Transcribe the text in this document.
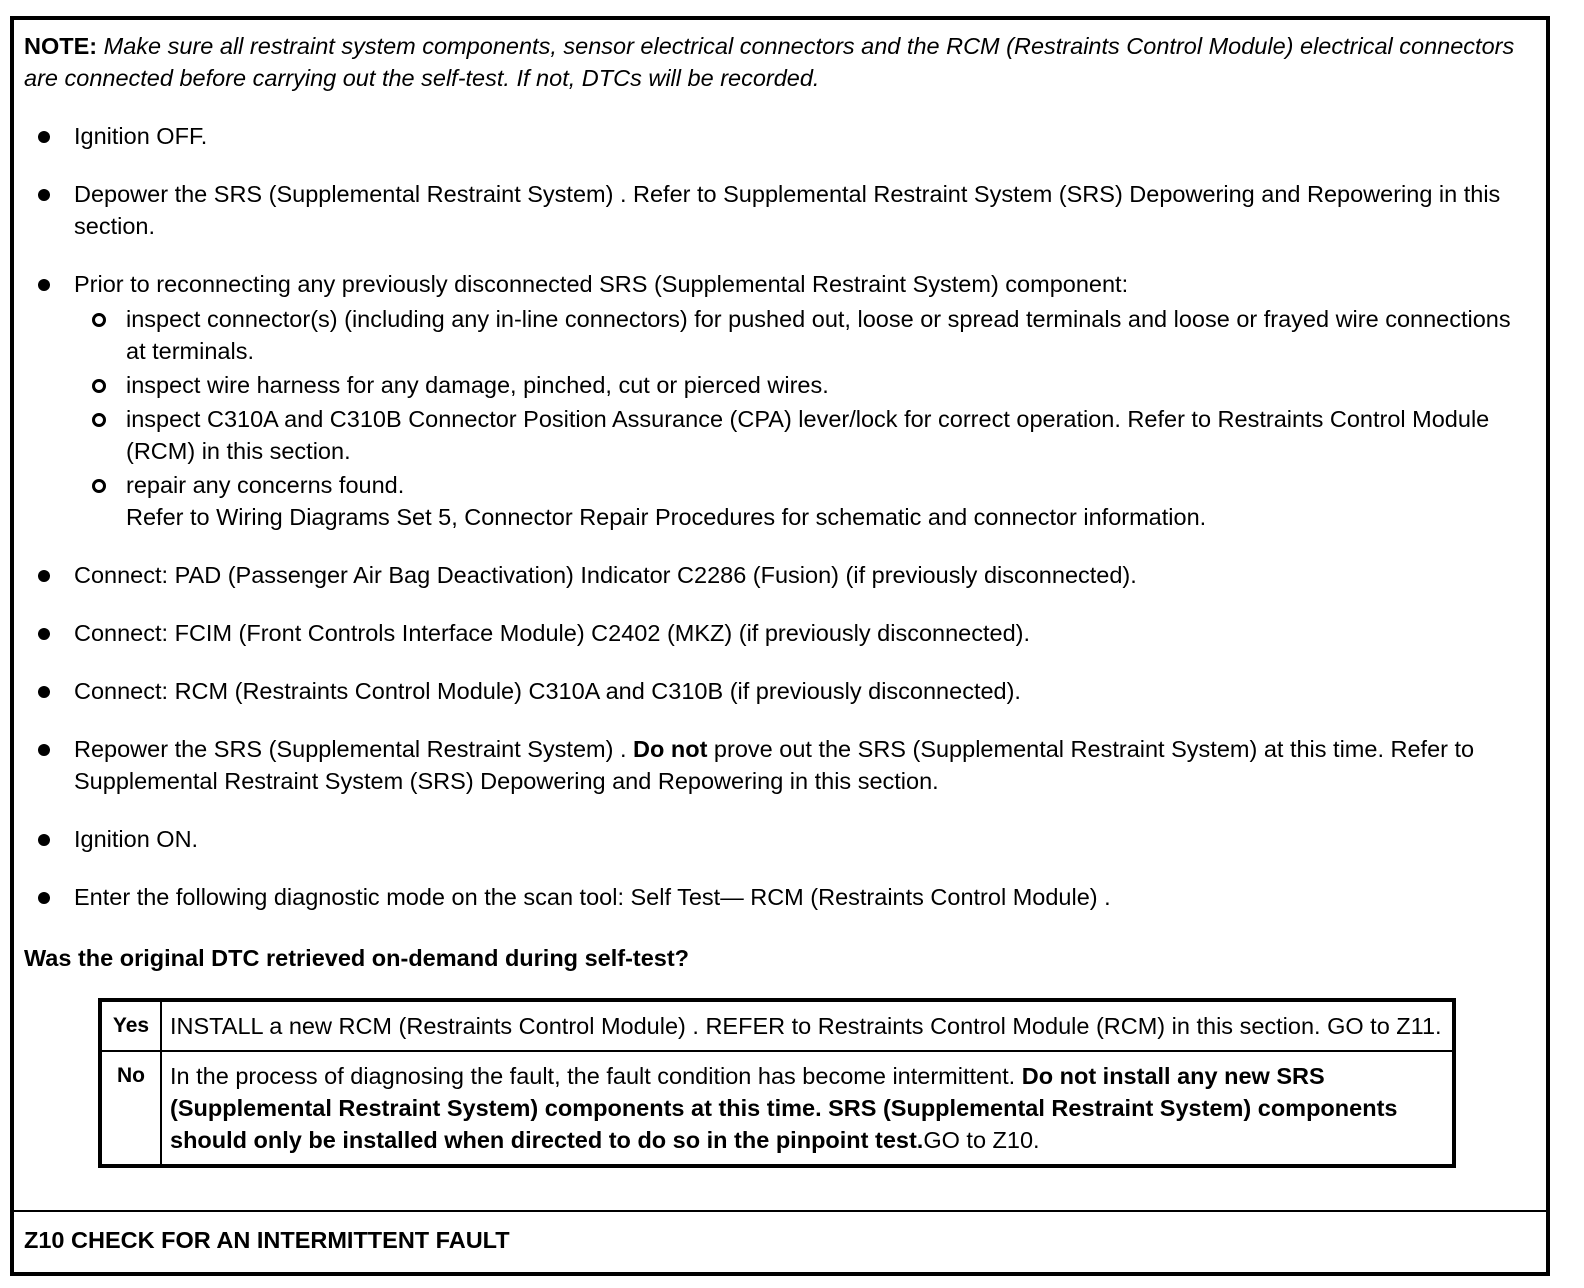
NOTE: Make sure all restraint system components, sensor electrical connectors and the RCM (Restraints Control Module) electrical connectors are connected before carrying out the self-test. If not, DTCs will be recorded.
Ignition OFF.
Depower the SRS (Supplemental Restraint System) . Refer to Supplemental Restraint System (SRS) Depowering and Repowering in this section.
Prior to reconnecting any previously disconnected SRS (Supplemental Restraint System) component:
inspect connector(s) (including any in-line connectors) for pushed out, loose or spread terminals and loose or frayed wire connections at terminals.
inspect wire harness for any damage, pinched, cut or pierced wires.
inspect C310A and C310B Connector Position Assurance (CPA) lever/lock for correct operation. Refer to Restraints Control Module (RCM) in this section.
repair any concerns found.
Refer to Wiring Diagrams Set 5, Connector Repair Procedures for schematic and connector information.
Connect: PAD (Passenger Air Bag Deactivation) Indicator C2286 (Fusion) (if previously disconnected).
Connect: FCIM (Front Controls Interface Module) C2402 (MKZ) (if previously disconnected).
Connect: RCM (Restraints Control Module) C310A and C310B (if previously disconnected).
Repower the SRS (Supplemental Restraint System) . Do not prove out the SRS (Supplemental Restraint System) at this time. Refer to Supplemental Restraint System (SRS) Depowering and Repowering in this section.
Ignition ON.
Enter the following diagnostic mode on the scan tool: Self Test— RCM (Restraints Control Module) .
Was the original DTC retrieved on-demand during self-test?
Yes	INSTALL a new RCM (Restraints Control Module) . REFER to Restraints Control Module (RCM) in this section. GO to Z11.
No	In the process of diagnosing the fault, the fault condition has become intermittent. Do not install any new SRS (Supplemental Restraint System) components at this time. SRS (Supplemental Restraint System) components should only be installed when directed to do so in the pinpoint test.GO to Z10.
Z10 CHECK FOR AN INTERMITTENT FAULT
